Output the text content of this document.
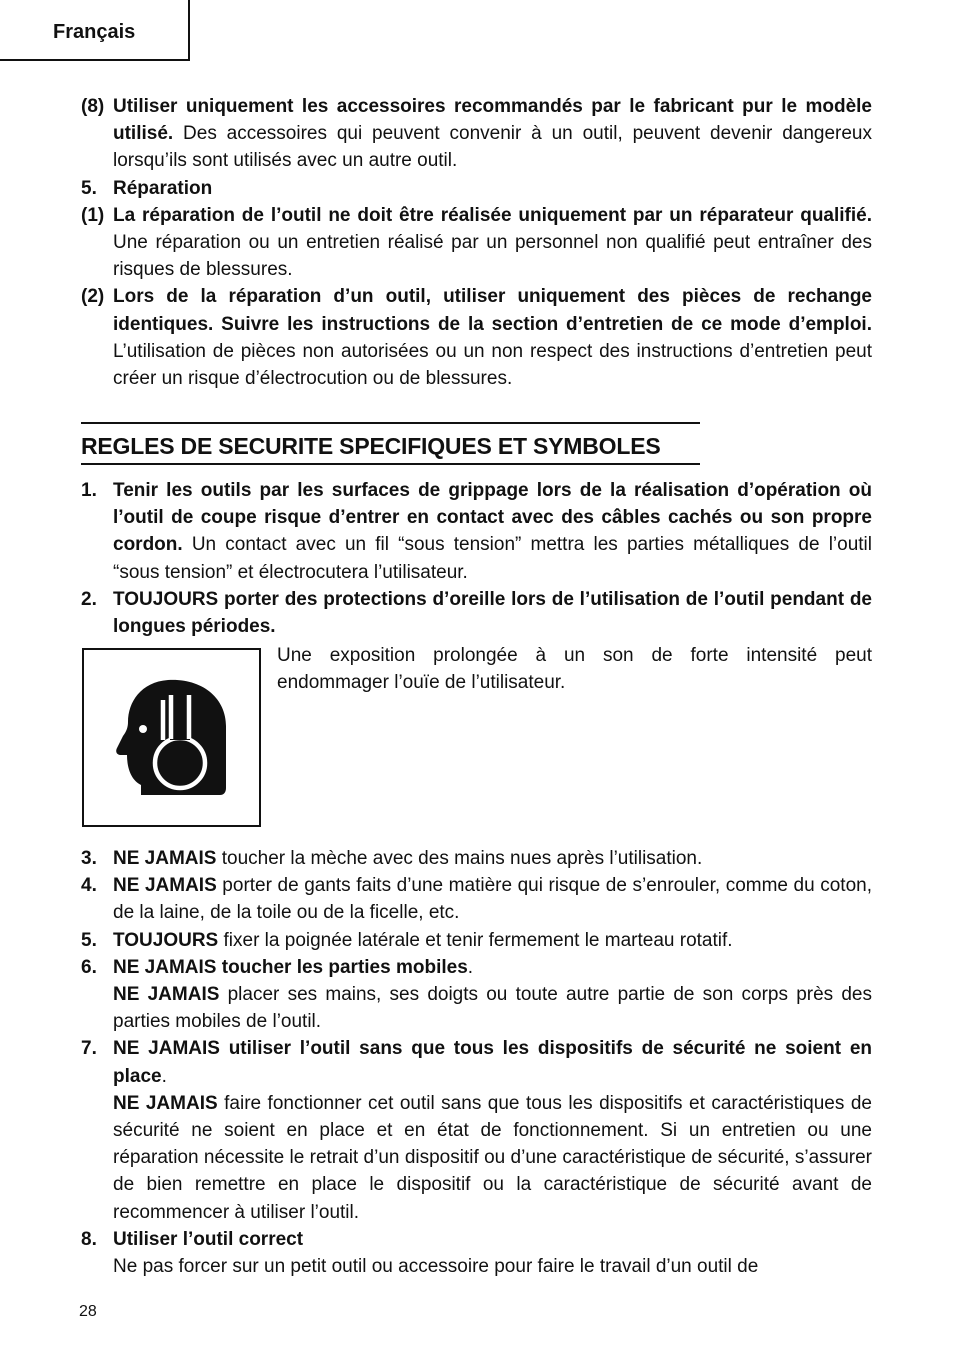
Français
(8) Utiliser uniquement les accessoires recommandés par le fabricant pur le modèle utilisé. Des accessoires qui peuvent convenir à un outil, peuvent devenir dangereux lorsqu’ils sont utilisés avec un autre outil.
5. Réparation
(1) La réparation de l’outil ne doit être réalisée uniquement par un réparateur qualifié. Une réparation ou un entretien réalisé par un personnel non qualifié peut entraîner des risques de blessures.
(2) Lors de la réparation d’un outil, utiliser uniquement des pièces de rechange identiques. Suivre les instructions de la section d’entretien de ce mode d’emploi. L’utilisation de pièces non autorisées ou un non respect des instructions d’entretien peut créer un risque d’électrocution ou de blessures.
REGLES DE SECURITE SPECIFIQUES ET SYMBOLES
1. Tenir les outils par les surfaces de grippage lors de la réalisation d’opération où l’outil de coupe risque d’entrer en contact avec des câbles cachés ou son propre cordon. Un contact avec un fil “sous tension” mettra les parties métalliques de l’outil “sous tension” et électrocutera l’utilisateur.
2. TOUJOURS porter des protections d’oreille lors de l’utilisation de l’outil pendant de longues périodes.
Une exposition prolongée à un son de forte intensité peut endommager l’ouïe de l’utilisateur.
3. NE JAMAIS toucher la mèche avec des mains nues après l’utilisation.
4. NE JAMAIS porter de gants faits d’une matière qui risque de s’enrouler, comme du coton, de la laine, de la toile ou de la ficelle, etc.
5. TOUJOURS fixer la poignée latérale et tenir fermement le marteau rotatif.
6. NE JAMAIS toucher les parties mobiles.
NE JAMAIS placer ses mains, ses doigts ou toute autre partie de son corps près des parties mobiles de l’outil.
7. NE JAMAIS utiliser l’outil sans que tous les dispositifs de sécurité ne soient en place.
NE JAMAIS faire fonctionner cet outil sans que tous les dispositifs et caractéristiques de sécurité ne soient en place et en état de fonctionnement. Si un entretien ou une réparation nécessite le retrait d’un dispositif ou d’une caractéristique de sécurité, s’assurer de bien remettre en place le dispositif ou la caractéristique de sécurité avant de recommencer à utiliser l’outil.
8. Utiliser l’outil correct
Ne pas forcer sur un petit outil ou accessoire pour faire le travail d’un outil de
28
